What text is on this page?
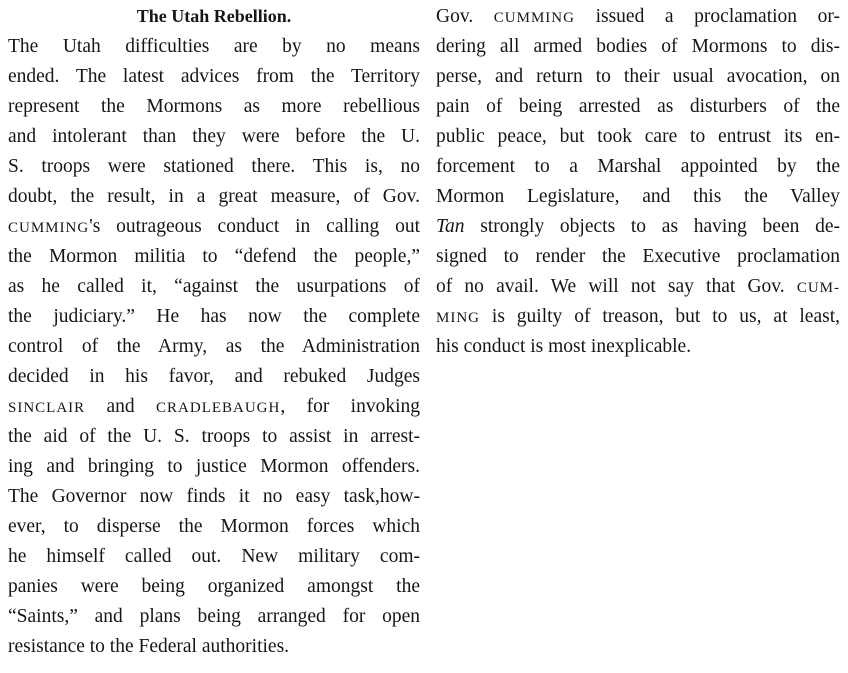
The Utah Rebellion.
The Utah difficulties are by no means
ended. The latest advices from the Territory
represent the Mormons as more rebellious
and intolerant than they were before the U.
S. troops were stationed there. This is, no
doubt, the result, in a great measure, of Gov.
CUMMING's outrageous conduct in calling out
the Mormon militia to “defend the people,”
as he called it, “against the usurpations of
the judiciary.” He has now the complete
control of the Army, as the Administration
decided in his favor, and rebuked Judges
SINCLAIR and CRADLEBAUGH, for invoking
the aid of the U. S. troops to assist in arrest-
ing and bringing to justice Mormon offenders.
The Governor now finds it no easy task,how-
ever, to disperse the Mormon forces which
he himself called out. New military com-
panies were being organized amongst the
“Saints,” and plans being arranged for open
resistance to the Federal authorities.
Gov. CUMMING issued a proclamation or-
dering all armed bodies of Mormons to dis-
perse, and return to their usual avocation, on
pain of being arrested as disturbers of the
public peace, but took care to entrust its en-
forcement to a Marshal appointed by the
Mormon Legislature, and this the Valley
Tan strongly objects to as having been de-
signed to render the Executive proclamation
of no avail. We will not say that Gov. CUM-
MING is guilty of treason, but to us, at least,
his conduct is most inexplicable.
